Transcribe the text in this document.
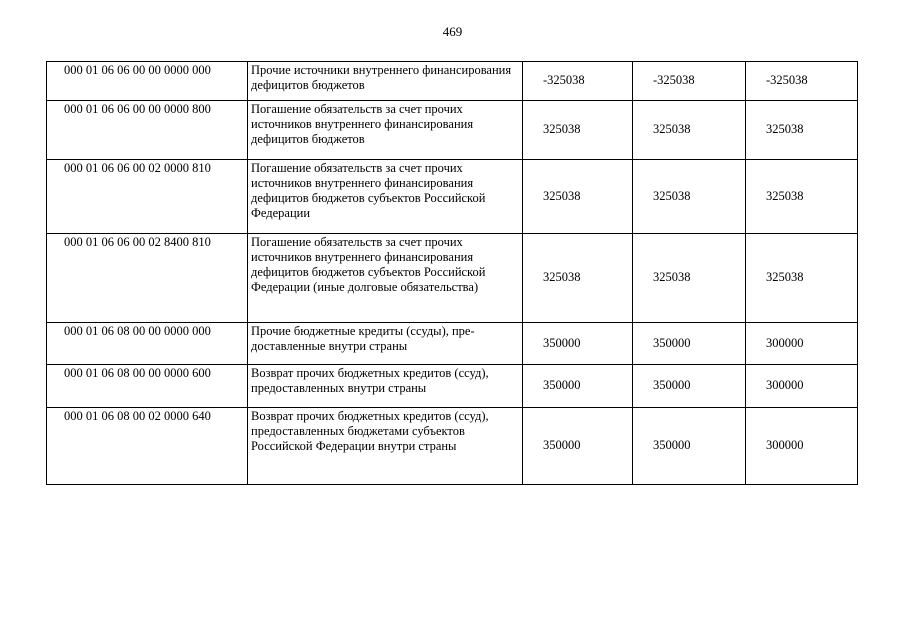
469
000 01 06 06 00 00 0000 000	Прочие источники внутреннего финансирования дефицитов бюджетов	-325038	-325038	-325038
000 01 06 06 00 00 0000 800	Погашение обязательств за счет прочих источников внутреннего финансирования дефицитов бюджетов	325038	325038	325038
000 01 06 06 00 02 0000 810	Погашение обязательств за счет прочих источников внутреннего финансирования дефицитов бюджетов субъектов Российской Федерации	325038	325038	325038
000 01 06 06 00 02 8400 810	Погашение обязательств за счет прочих источников внутреннего финансирования дефицитов бюджетов субъектов Российской Федерации (иные долговые обязательства)	325038	325038	325038
000 01 06 08 00 00 0000 000	Прочие бюджетные кредиты (ссуды), пре-доставленные внутри страны	350000	350000	300000
000 01 06 08 00 00 0000 600	Возврат прочих бюджетных кредитов (ссуд), предоставленных внутри страны	350000	350000	300000
000 01 06 08 00 02 0000 640	Возврат прочих бюджетных кредитов (ссуд), предоставленных бюджетами субъектов Российской Федерации внутри страны	350000	350000	300000
